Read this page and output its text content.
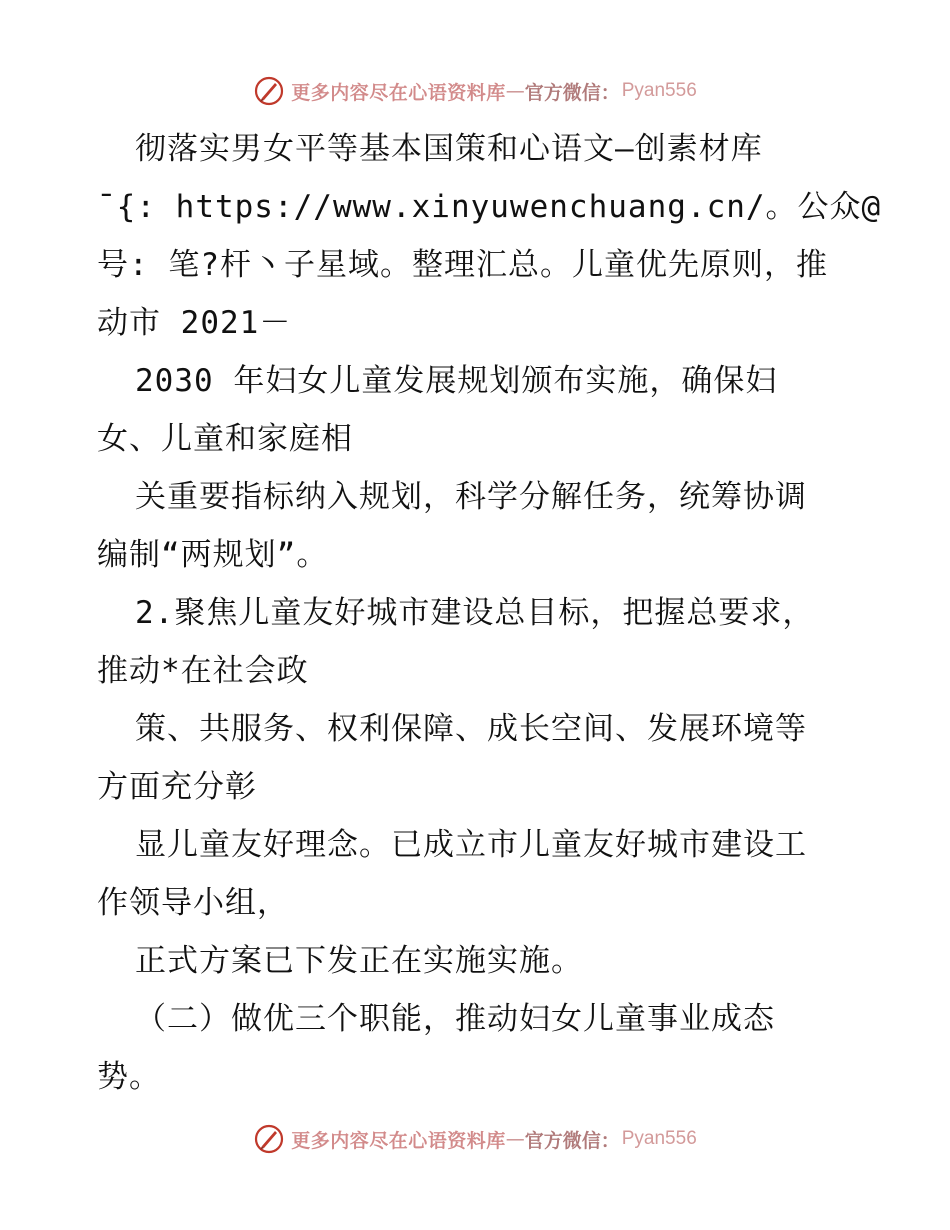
更多内容尽在心语资料库 — 官方微信： Pyan556
彻落实男女平等基本国策和心语文—创素材库
¯{: https://www.xinyuwenchuang.cn/。公众@
号: 笔?杆丶子星域。整理汇总。儿童优先原则，推
动市 2021－
2030 年妇女儿童发展规划颁布实施，确保妇
女、儿童和家庭相
关重要指标纳入规划，科学分解任务，统筹协调
编制“两规划”。
2.聚焦儿童友好城市建设总目标，把握总要求，
推动*在社会政
策、共服务、权利保障、成长空间、发展环境等
方面充分彰
显儿童友好理念。已成立市儿童友好城市建设工
作领导小组，
正式方案已下发正在实施实施。
（二）做优三个职能，推动妇女儿童事业成态
势。
更多内容尽在心语资料库 — 官方微信： Pyan556
